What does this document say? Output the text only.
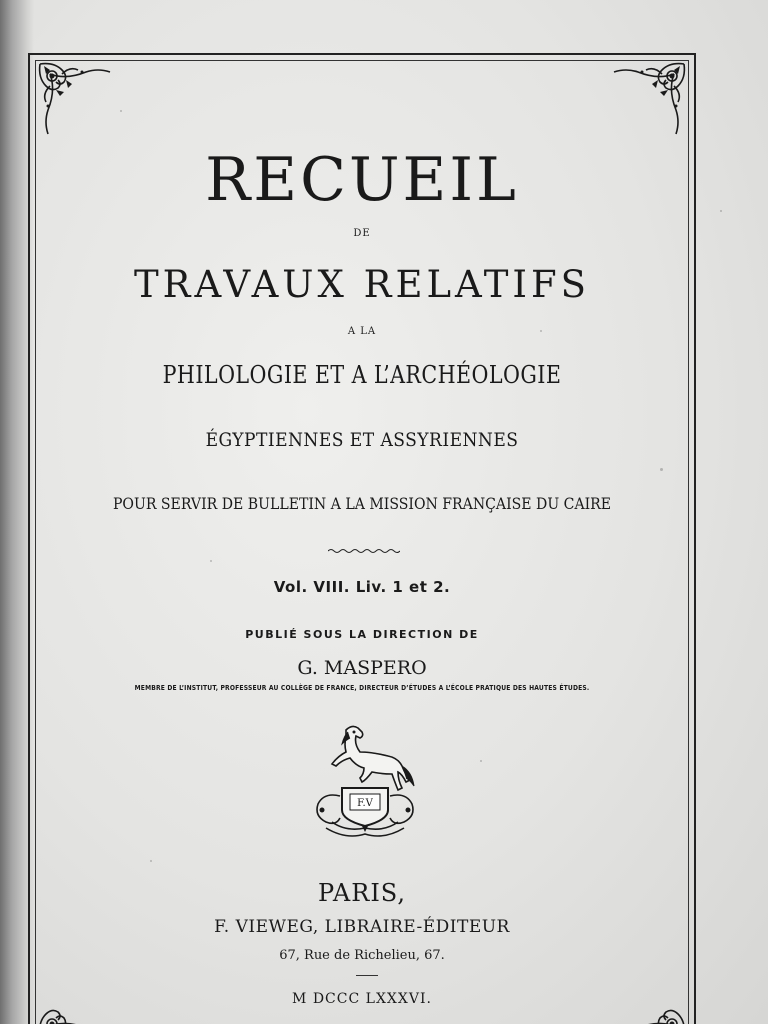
RECUEIL
DE
TRAVAUX RELATIFS
A LA
PHILOLOGIE ET A L’ARCHÉOLOGIE
ÉGYPTIENNES ET ASSYRIENNES
POUR SERVIR DE BULLETIN A LA MISSION FRANÇAISE DU CAIRE
Vol. VIII. Liv. 1 et 2.
PUBLIÉ SOUS LA DIRECTION DE
G. MASPERO
MEMBRE DE L’INSTITUT, PROFESSEUR AU COLLÈGE DE FRANCE, DIRECTEUR D’ÉTUDES A L’ÉCOLE PRATIQUE DES HAUTES ÉTUDES.
F.V
PARIS,
F. VIEWEG, LIBRAIRE-ÉDITEUR
67, Rue de Richelieu, 67.
M DCCC LXXXVI.
